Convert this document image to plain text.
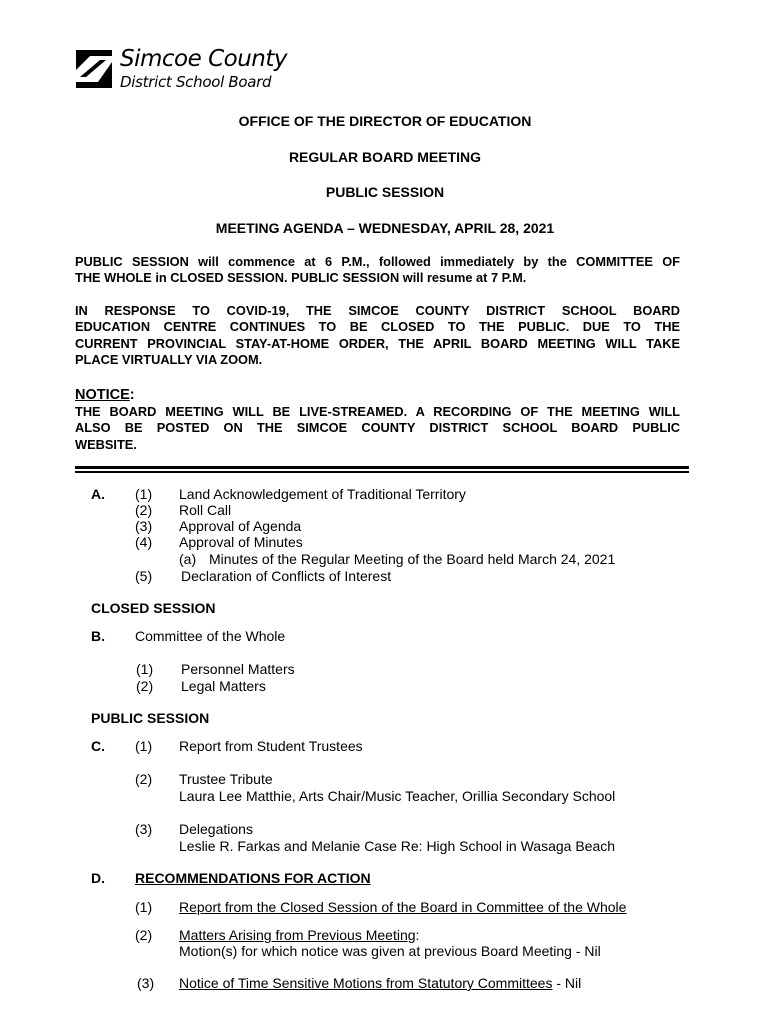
Simcoe County
District School Board
OFFICE OF THE DIRECTOR OF EDUCATION
REGULAR BOARD MEETING
PUBLIC SESSION
MEETING AGENDA – WEDNESDAY, APRIL 28, 2021
PUBLIC SESSION will commence at 6 P.M., followed immediately by the COMMITTEE OF
THE WHOLE in CLOSED SESSION. PUBLIC SESSION will resume at 7 P.M.
IN RESPONSE TO COVID-19, THE SIMCOE COUNTY DISTRICT SCHOOL BOARD
EDUCATION CENTRE CONTINUES TO BE CLOSED TO THE PUBLIC. DUE TO THE
CURRENT PROVINCIAL STAY-AT-HOME ORDER, THE APRIL BOARD MEETING WILL TAKE
PLACE VIRTUALLY VIA ZOOM.
NOTICE:
THE BOARD MEETING WILL BE LIVE-STREAMED. A RECORDING OF THE MEETING WILL
ALSO BE POSTED ON THE SIMCOE COUNTY DISTRICT SCHOOL BOARD PUBLIC
WEBSITE.
A. (1) Land Acknowledgement of Traditional Territory
(2) Roll Call
(3) Approval of Agenda
(4) Approval of Minutes
(a) Minutes of the Regular Meeting of the Board held March 24, 2021
(5) Declaration of Conflicts of Interest
CLOSED SESSION
B. Committee of the Whole
(1) Personnel Matters
(2) Legal Matters
PUBLIC SESSION
C. (1) Report from Student Trustees
(2) Trustee Tribute
Laura Lee Matthie, Arts Chair/Music Teacher, Orillia Secondary School
(3) Delegations
Leslie R. Farkas and Melanie Case Re: High School in Wasaga Beach
D. RECOMMENDATIONS FOR ACTION
(1) Report from the Closed Session of the Board in Committee of the Whole
(2) Matters Arising from Previous Meeting:
Motion(s) for which notice was given at previous Board Meeting - Nil
(3) Notice of Time Sensitive Motions from Statutory Committees - Nil
